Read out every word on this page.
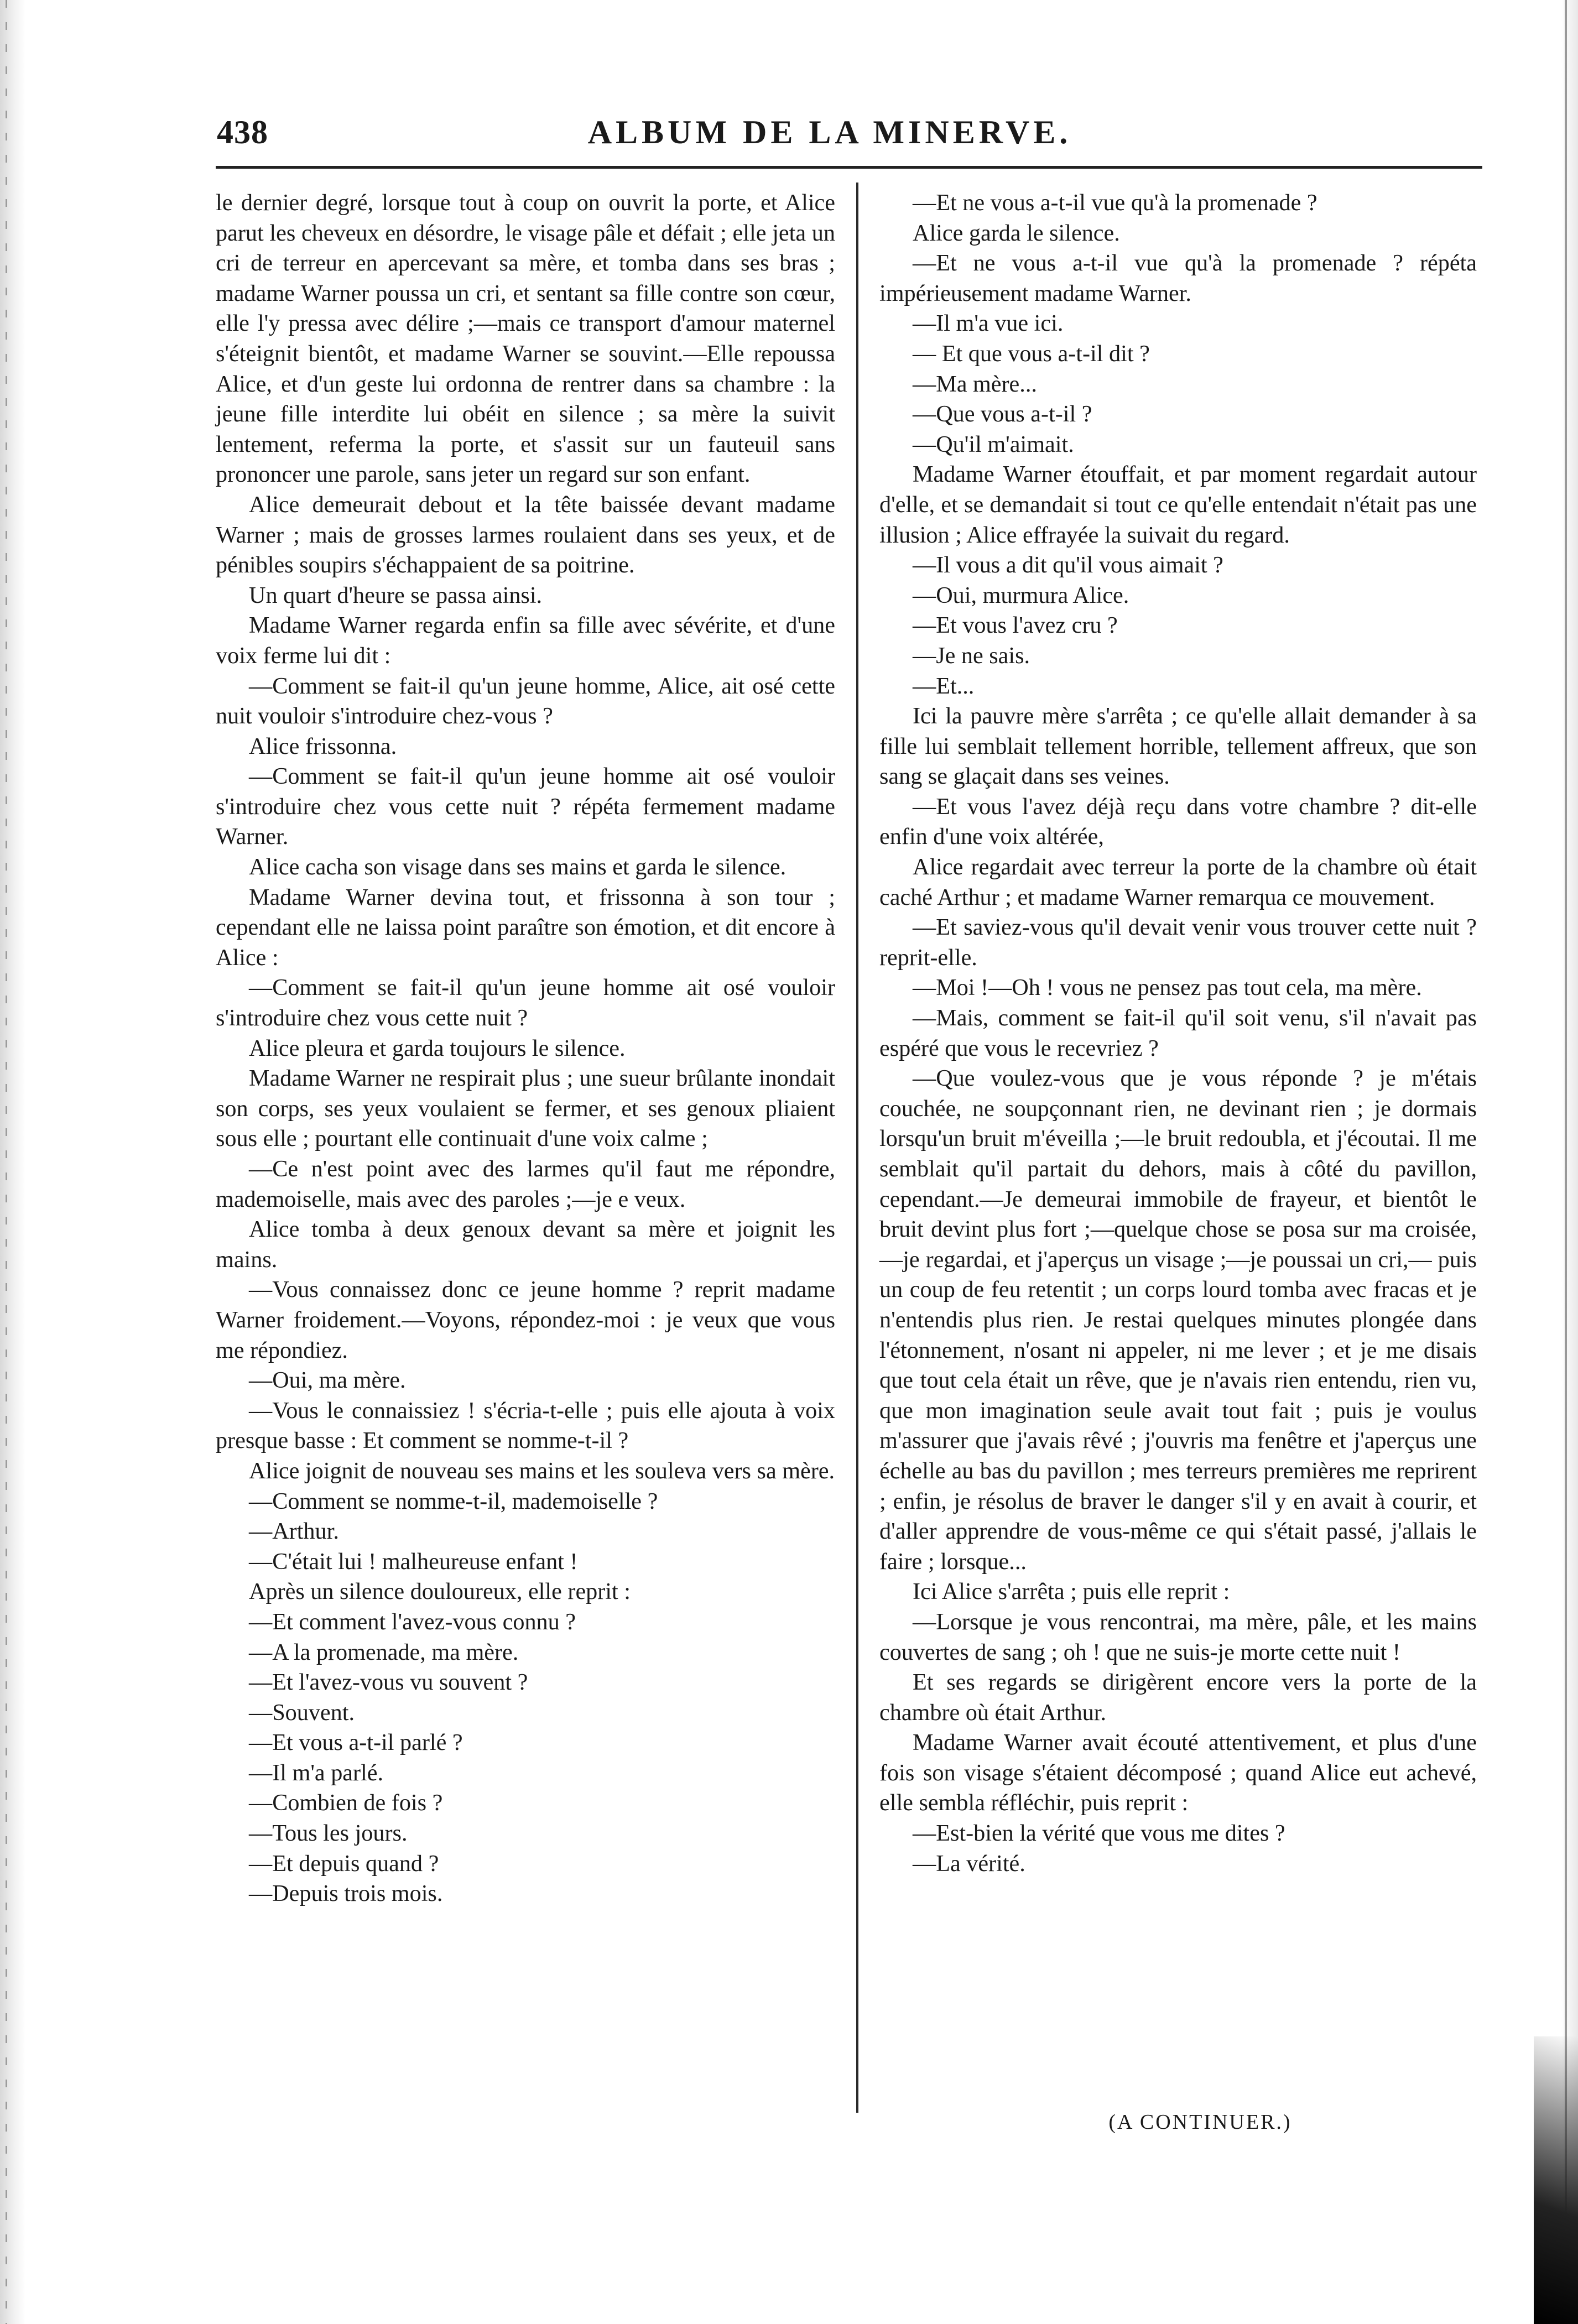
438	ALBUM DE LA MINERVE.

le dernier degré, lorsque tout à coup on ouvrit la porte, et Alice parut les cheveux en désordre, le visage pâle et défait ; elle jeta un cri de terreur en apercevant sa mère, et tomba dans ses bras ; madame Warner poussa un cri, et sentant sa fille contre son cœur, elle l'y pressa avec délire ;—mais ce transport d'amour maternel s'éteignit bientôt, et madame Warner se souvint.—Elle repoussa Alice, et d'un geste lui ordonna de rentrer dans sa chambre : la jeune fille interdite lui obéit en silence ; sa mère la suivit lentement, referma la porte, et s'assit sur un fauteuil sans prononcer une parole, sans jeter un regard sur son enfant.

Alice demeurait debout et la tête baissée devant madame Warner ; mais de grosses larmes roulaient dans ses yeux, et de pénibles soupirs s'échappaient de sa poitrine.

Un quart d'heure se passa ainsi.

Madame Warner regarda enfin sa fille avec sévérite, et d'une voix ferme lui dit :

—Comment se fait-il qu'un jeune homme, Alice, ait osé cette nuit vouloir s'introduire chez-vous ?

Alice frissonna.

—Comment se fait-il qu'un jeune homme ait osé vouloir s'introduire chez vous cette nuit ? répéta fermement madame Warner.

Alice cacha son visage dans ses mains et garda le silence.

Madame Warner devina tout, et frissonna à son tour ; cependant elle ne laissa point paraître son émotion, et dit encore à Alice :

—Comment se fait-il qu'un jeune homme ait osé vouloir s'introduire chez vous cette nuit ?

Alice pleura et garda toujours le silence.

Madame Warner ne respirait plus ; une sueur brûlante inondait son corps, ses yeux voulaient se fermer, et ses genoux pliaient sous elle ; pourtant elle continuait d'une voix calme ;

—Ce n'est point avec des larmes qu'il faut me répondre, mademoiselle, mais avec des paroles ;—je e veux.

Alice tomba à deux genoux devant sa mère et joignit les mains.

—Vous connaissez donc ce jeune homme ? reprit madame Warner froidement.—Voyons, répondez-moi : je veux que vous me répondiez.

—Oui, ma mère.

—Vous le connaissiez ! s'écria-t-elle ; puis elle ajouta à voix presque basse : Et comment se nomme-t-il ?

Alice joignit de nouveau ses mains et les souleva vers sa mère.

—Comment se nomme-t-il, mademoiselle ?

—Arthur.

—C'était lui ! malheureuse enfant !

Après un silence douloureux, elle reprit :

—Et comment l'avez-vous connu ?

—A la promenade, ma mère.

—Et l'avez-vous vu souvent ?

—Souvent.

—Et vous a-t-il parlé ?

—Il m'a parlé.

—Combien de fois ?

—Tous les jours.

—Et depuis quand ?

—Depuis trois mois.

—Et ne vous a-t-il vue qu'à la promenade ?

Alice garda le silence.

—Et ne vous a-t-il vue qu'à la promenade ? répéta impérieusement madame Warner.

—Il m'a vue ici.

— Et que vous a-t-il dit ?

—Ma mère...

—Que vous a-t-il ?

—Qu'il m'aimait.

Madame Warner étouffait, et par moment regardait autour d'elle, et se demandait si tout ce qu'elle entendait n'était pas une illusion ; Alice effrayée la suivait du regard.

—Il vous a dit qu'il vous aimait ?

—Oui, murmura Alice.

—Et vous l'avez cru ?

—Je ne sais.

—Et...

Ici la pauvre mère s'arrêta ; ce qu'elle allait demander à sa fille lui semblait tellement horrible, tellement affreux, que son sang se glaçait dans ses veines.

—Et vous l'avez déjà reçu dans votre chambre ? dit-elle enfin d'une voix altérée,

Alice regardait avec terreur la porte de la chambre où était caché Arthur ; et madame Warner remarqua ce mouvement.

—Et saviez-vous qu'il devait venir vous trouver cette nuit ? reprit-elle.

—Moi !—Oh ! vous ne pensez pas tout cela, ma mère.

—Mais, comment se fait-il qu'il soit venu, s'il n'avait pas espéré que vous le recevriez ?

—Que voulez-vous que je vous réponde ? je m'étais couchée, ne soupçonnant rien, ne devinant rien ; je dormais lorsqu'un bruit m'éveilla ;—le bruit redoubla, et j'écoutai. Il me semblait qu'il partait du dehors, mais à côté du pavillon, cependant.—Je demeurai immobile de frayeur, et bientôt le bruit devint plus fort ;—quelque chose se posa sur ma croisée,—je regardai, et j'aperçus un visage ;—je poussai un cri,— puis un coup de feu retentit ; un corps lourd tomba avec fracas et je n'entendis plus rien. Je restai quelques minutes plongée dans l'étonnement, n'osant ni appeler, ni me lever ; et je me disais que tout cela était un rêve, que je n'avais rien entendu, rien vu, que mon imagination seule avait tout fait ; puis je voulus m'assurer que j'avais rêvé ; j'ouvris ma fenêtre et j'aperçus une échelle au bas du pavillon ; mes terreurs premières me reprirent ; enfin, je résolus de braver le danger s'il y en avait à courir, et d'aller apprendre de vous-même ce qui s'était passé, j'allais le faire ; lorsque...

Ici Alice s'arrêta ; puis elle reprit :

—Lorsque je vous rencontrai, ma mère, pâle, et les mains couvertes de sang ; oh ! que ne suis-je morte cette nuit !

Et ses regards se dirigèrent encore vers la porte de la chambre où était Arthur.

Madame Warner avait écouté attentivement, et plus d'une fois son visage s'étaient décomposé ; quand Alice eut achevé, elle sembla réfléchir, puis reprit :

—Est-bien la vérité que vous me dites ?

—La vérité.

(A CONTINUER.)
